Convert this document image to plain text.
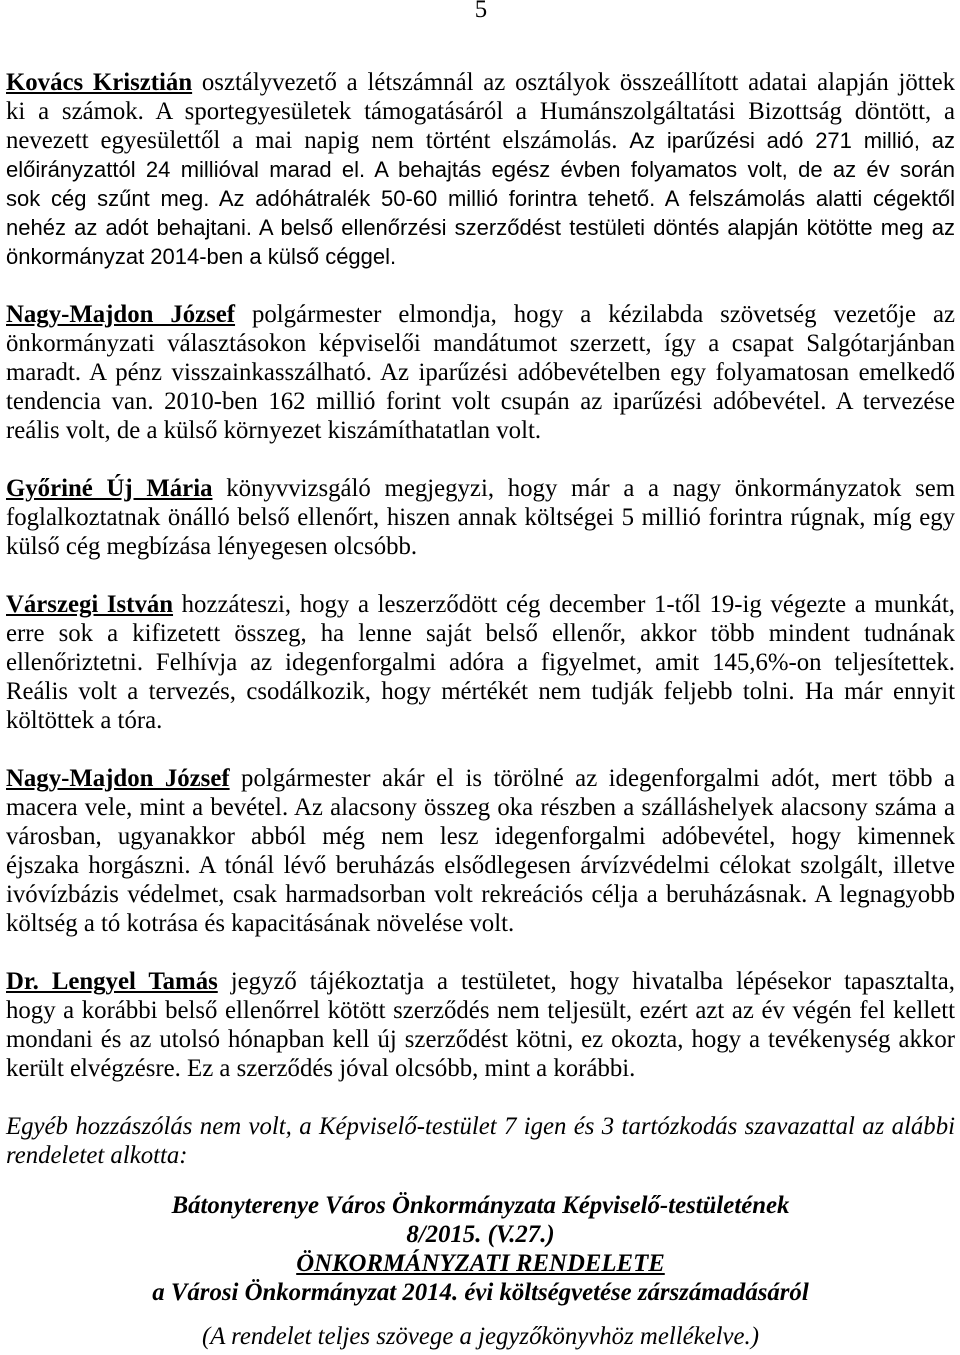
5
Kovács Krisztián osztályvezető a létszámnál az osztályok összeállított adatai alapján jöttek
ki a számok. A sportegyesületek támogatásáról a Humánszolgáltatási Bizottság döntött, a
nevezett egyesülettől a mai napig nem történt elszámolás. Az iparűzési adó 271 millió, az
előirányzattól 24 millióval marad el. A behajtás egész évben folyamatos volt, de az év során
sok cég szűnt meg. Az adóhátralék 50-60 millió forintra tehető. A felszámolás alatti cégektől
nehéz az adót behajtani. A belső ellenőrzési szerződést testületi döntés alapján kötötte meg az
önkormányzat 2014-ben a külső céggel.
Nagy-Majdon József polgármester elmondja, hogy a kézilabda szövetség vezetője az
önkormányzati választásokon képviselői mandátumot szerzett, így a csapat Salgótarjánban
maradt. A pénz visszainkasszálható. Az iparűzési adóbevételben egy folyamatosan emelkedő
tendencia van. 2010-ben 162 millió forint volt csupán az iparűzési adóbevétel. A tervezése
reális volt, de a külső környezet kiszámíthatatlan volt.
Győriné Új Mária könyvvizsgáló megjegyzi, hogy már a a nagy önkormányzatok sem
foglalkoztatnak önálló belső ellenőrt, hiszen annak költségei 5 millió forintra rúgnak, míg egy
külső cég megbízása lényegesen olcsóbb.
Várszegi István hozzáteszi, hogy a leszerződött cég december 1-től 19-ig végezte a munkát,
erre sok a kifizetett összeg, ha lenne saját belső ellenőr, akkor több mindent tudnának
ellenőriztetni. Felhívja az idegenforgalmi adóra a figyelmet, amit 145,6%-on teljesítettek.
Reális volt a tervezés, csodálkozik, hogy mértékét nem tudják feljebb tolni. Ha már ennyit
költöttek a tóra.
Nagy-Majdon József polgármester akár el is törölné az idegenforgalmi adót, mert több a
macera vele, mint a bevétel. Az alacsony összeg oka részben a szálláshelyek alacsony száma a
városban, ugyanakkor abból még nem lesz idegenforgalmi adóbevétel, hogy kimennek
éjszaka horgászni. A tónál lévő beruházás elsődlegesen árvízvédelmi célokat szolgált, illetve
ivóvízbázis védelmet, csak harmadsorban volt rekreációs célja a beruházásnak. A legnagyobb
költség a tó kotrása és kapacitásának növelése volt.
Dr. Lengyel Tamás jegyző tájékoztatja a testületet, hogy hivatalba lépésekor tapasztalta,
hogy a korábbi belső ellenőrrel kötött szerződés nem teljesült, ezért azt az év végén fel kellett
mondani és az utolsó hónapban kell új szerződést kötni, ez okozta, hogy a tevékenység akkor
került elvégzésre. Ez a szerződés jóval olcsóbb, mint a korábbi.
Egyéb hozzászólás nem volt, a Képviselő-testület 7 igen és 3 tartózkodás szavazattal az alábbi
rendeletet alkotta:
Bátonyterenye Város Önkormányzata Képviselő-testületének
8/2015. (V.27.)
ÖNKORMÁNYZATI RENDELETE
a Városi Önkormányzat 2014. évi költségvetése zárszámadásáról
(A rendelet teljes szövege a jegyzőkönyvhöz mellékelve.)
